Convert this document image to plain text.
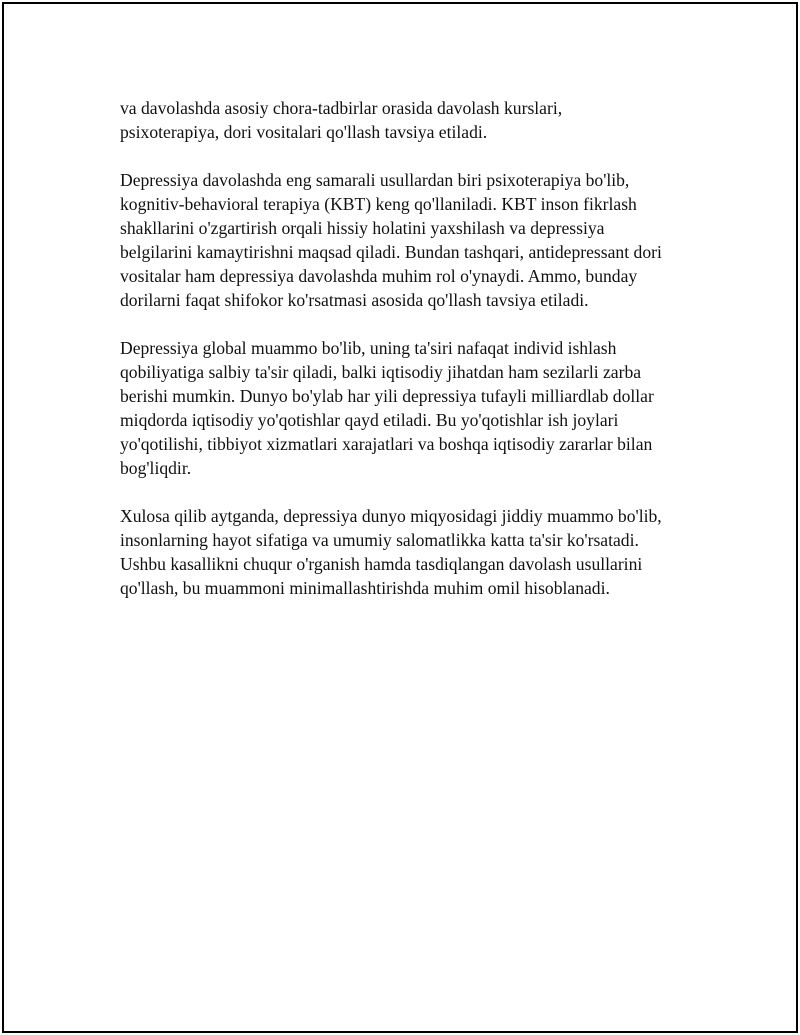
va davolashda asosiy chora-tadbirlar orasida davolash kurslari,
psixoterapiya, dori vositalari qo'llash tavsiya etiladi.

Depressiya davolashda eng samarali usullardan biri psixoterapiya bo'lib,
kognitiv-behavioral terapiya (KBT) keng qo'llaniladi. KBT inson fikrlash
shakllarini o'zgartirish orqali hissiy holatini yaxshilash va depressiya
belgilarini kamaytirishni maqsad qiladi. Bundan tashqari, antidepressant dori
vositalar ham depressiya davolashda muhim rol o'ynaydi. Ammo, bunday
dorilarni faqat shifokor ko'rsatmasi asosida qo'llash tavsiya etiladi.

Depressiya global muammo bo'lib, uning ta'siri nafaqat individ ishlash
qobiliyatiga salbiy ta'sir qiladi, balki iqtisodiy jihatdan ham sezilarli zarba
berishi mumkin. Dunyo bo'ylab har yili depressiya tufayli milliardlab dollar
miqdorda iqtisodiy yo'qotishlar qayd etiladi. Bu yo'qotishlar ish joylari
yo'qotilishi, tibbiyot xizmatlari xarajatlari va boshqa iqtisodiy zararlar bilan
bog'liqdir.

Xulosa qilib aytganda, depressiya dunyo miqyosidagi jiddiy muammo bo'lib,
insonlarning hayot sifatiga va umumiy salomatlikka katta ta'sir ko'rsatadi.
Ushbu kasallikni chuqur o'rganish hamda tasdiqlangan davolash usullarini
qo'llash, bu muammoni minimallashtirishda muhim omil hisoblanadi.
